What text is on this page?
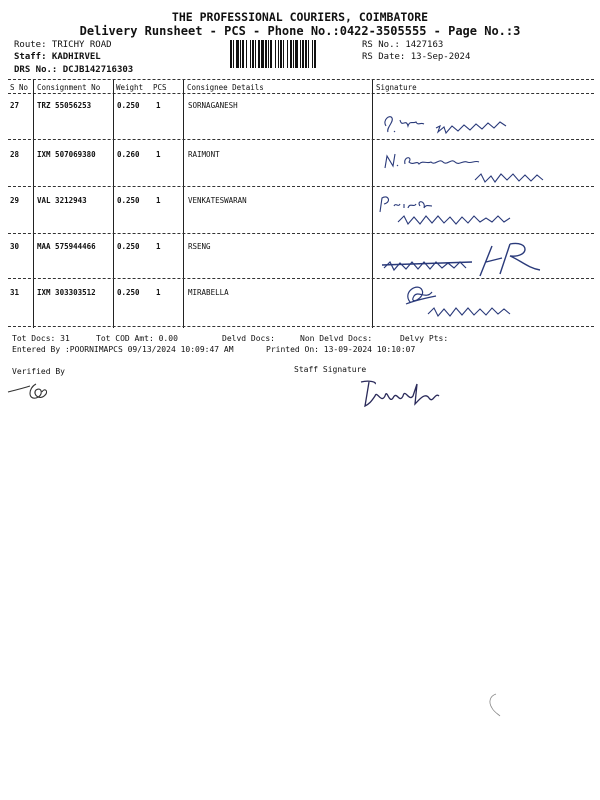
THE PROFESSIONAL COURIERS, COIMBATORE
Delivery Runsheet - PCS - Phone No.:0422-3505555 - Page No.:3
Route: TRICHY ROAD
Staff: KADHIRVEL
DRS No.: DCJB142716303
RS No.: 1427163
RS Date: 13-Sep-2024
S No Consignment No Weight PCS	Consignee Details	Signature
27 TRZ 55056253	0.250 1	SORNAGANESH
28 IXM 507069380	0.260 1	RAIMONT
29 VAL 3212943	0.250 1	VENKATESWARAN
30 MAA 575944466	0.250 1	RSENG
31 IXM 303303512	0.250 1	MIRABELLA
Tot Docs: 31	Tot COD Amt: 0.00	Delvd Docs:	Non Delvd Docs:	Delvy Pts:
Entered By :POORNIMAPCS 09/13/2024 10:09:47 AM	Printed On: 13-09-2024 10:10:07
Verified By	Staff Signature
